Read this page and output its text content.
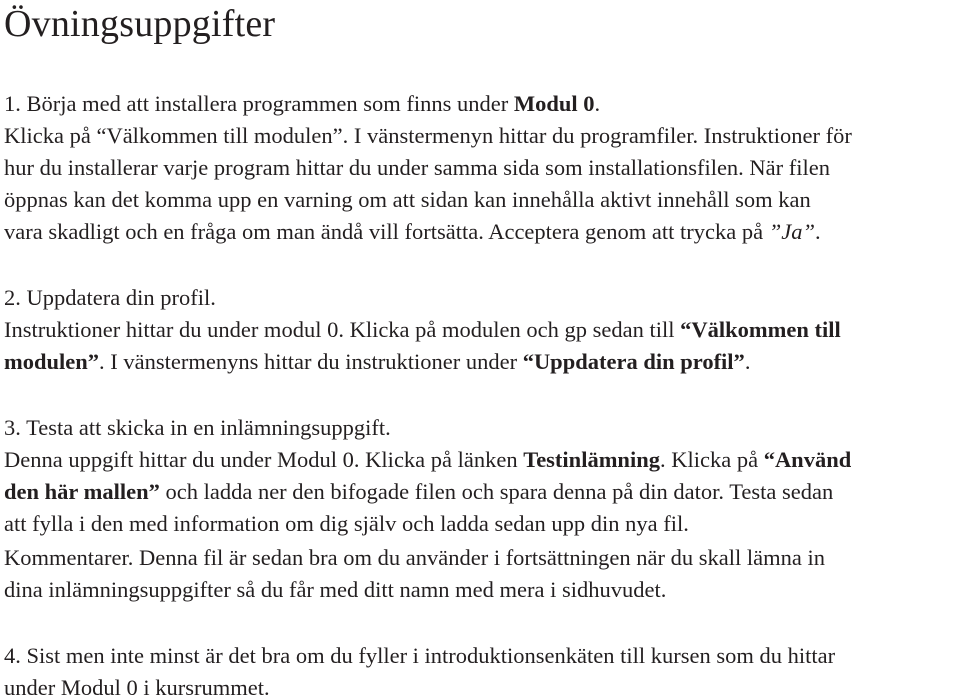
Övningsuppgifter

1. Börja med att installera programmen som finns under Modul 0.

Klicka på “Välkommen till modulen”. I vänstermenyn hittar du programfiler. Instruktioner för

hur du installerar varje program hittar du under samma sida som installationsfilen. När filen

öppnas kan det komma upp en varning om att sidan kan innehålla aktivt innehåll som kan

vara skadligt och en fråga om man ändå vill fortsätta. Acceptera genom att trycka på ”Ja”.

2. Uppdatera din profil.

Instruktioner hittar du under modul 0. Klicka på modulen och gp sedan till “Välkommen till

modulen”. I vänstermenyns hittar du instruktioner under “Uppdatera din profil”.

3. Testa att skicka in en inlämningsuppgift.

Denna uppgift hittar du under Modul 0. Klicka på länken Testinlämning. Klicka på “Använd

den här mallen” och ladda ner den bifogade filen och spara denna på din dator. Testa sedan

att fylla i den med information om dig själv och ladda sedan upp din nya fil.

Kommentarer. Denna fil är sedan bra om du använder i fortsättningen när du skall lämna in

dina inlämningsuppgifter så du får med ditt namn med mera i sidhuvudet.

4. Sist men inte minst är det bra om du fyller i introduktionsenkäten till kursen som du hittar

under Modul 0 i kursrummet.
